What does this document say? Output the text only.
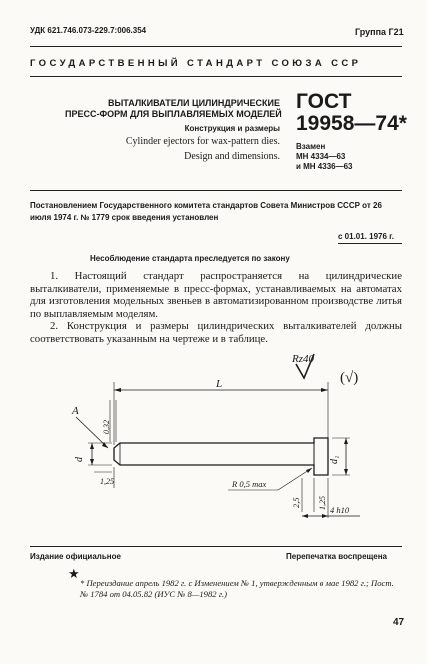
УДК 621.746.073-229.7:006.354	Группа Г21
ГОСУДАРСТВЕННЫЙ СТАНДАРТ СОЮЗА ССР
ВЫТАЛКИВАТЕЛИ ЦИЛИНДРИЧЕСКИЕ
ПРЕСС-ФОРМ ДЛЯ ВЫПЛАВЛЯЕМЫХ МОДЕЛЕЙ
Конструкция и размеры
Cylinder ejectors for wax-pattern dies.
Design and dimensions.
ГОСТ
19958—74*
Взамен
МН 4334—63
и МН 4336—63
Постановлением Государственного комитета стандартов Совета Министров СССР от 26 июля 1974 г. № 1779 срок введения установлен
с 01.01. 1976 г.
Несоблюдение стандарта преследуется по закону

1. Настоящий стандарт распространяется на цилиндрические выталкиватели, применяемые в пресс-формах, устанавливаемых на автоматах для изготовления модельных звеньев в автоматизированном производстве литья по выплавляемым моделям.

2. Конструкция и размеры цилиндрических выталкивателей должны соответствовать указанным на чертеже и в таблице.

Rz40
(√)
L
0,32
A
d
1,25
d₁
R 0,5 max
2,5 1,25 4 h10
Издание официальное	Перепечатка воспрещена
★
* Переиздание апрель 1982 г. с Изменением № 1, утвержденным в мае 1982 г.; Пост. № 1784 от 04.05.82 (ИУС № 8—1982 г.)
47
